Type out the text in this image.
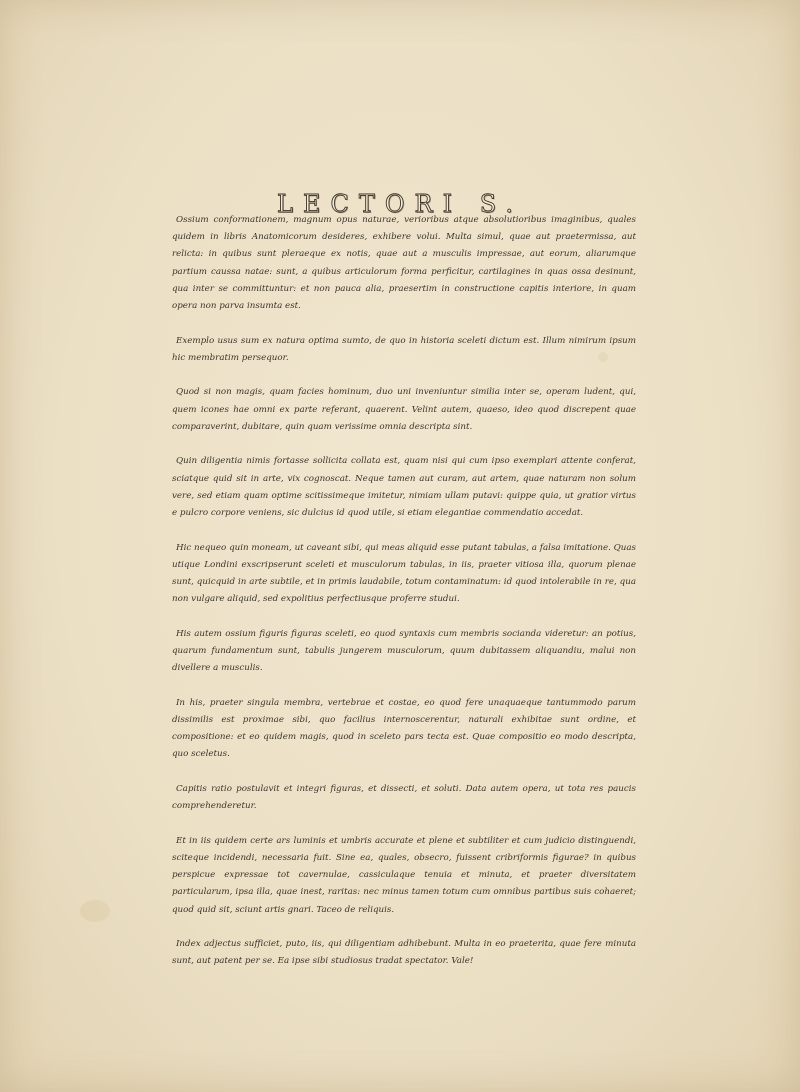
LECTORI S.

Ossium conformationem, magnum opus naturae, verioribus atque absolutioribus imaginibus, quales quidem in libris Anatomicorum desideres, exhibere volui. Multa simul, quae aut praetermissa, aut relicta: in quibus sunt pleraeque ex notis, quae aut a musculis impressae, aut eorum, aliarumque partium caussa natae: sunt, a quibus articulorum forma perficitur, cartilagines in quas ossa desinunt, qua inter se committuntur: et non pauca alia, praesertim in constructione capitis interiore, in quam opera non parva insumta est.

Exemplo usus sum ex natura optima sumto, de quo in historia sceleti dictum est. Illum nimirum ipsum hic membratim persequor.

Quod si non magis, quam facies hominum, duo uni inveniuntur similia inter se, operam ludent, qui, quem icones hae omni ex parte referant, quaerent. Velint autem, quaeso, ideo quod discrepent quae comparaverint, dubitare, quin quam verissime omnia descripta sint.

Quin diligentia nimis fortasse sollicita collata est, quam nisi qui cum ipso exemplari attente conferat, sciatque quid sit in arte, vix cognoscat. Neque tamen aut curam, aut artem, quae naturam non solum vere, sed etiam quam optime scitissimeque imitetur, nimiam ullam putavi: quippe quia, ut gratior virtus e pulcro corpore veniens, sic dulcius id quod utile, si etiam elegantiae commendatio accedat.

Hic nequeo quin moneam, ut caveant sibi, qui meas aliquid esse putant tabulas, a falsa imitatione. Quas utique Londini exscripserunt sceleti et musculorum tabulas, in iis, praeter vitiosa illa, quorum plenae sunt, quicquid in arte subtile, et in primis laudabile, totum contaminatum: id quod intolerabile in re, qua non vulgare aliquid, sed expolitius perfectiusque proferre studui.

His autem ossium figuris figuras sceleti, eo quod syntaxis cum membris socianda videretur: an potius, quarum fundamentum sunt, tabulis jungerem musculorum, quum dubitassem aliquandiu, malui non divellere a musculis.

In his, praeter singula membra, vertebrae et costae, eo quod fere unaquaeque tantummodo parum dissimilis est proximae sibi, quo facilius internoscerentur, naturali exhibitae sunt ordine, et compositione: et eo quidem magis, quod in sceleto pars tecta est. Quae compositio eo modo descripta, quo sceletus.

Capitis ratio postulavit et integri figuras, et dissecti, et soluti. Data autem opera, ut tota res paucis comprehenderetur.

Et in iis quidem certe ars luminis et umbris accurate et plene et subtiliter et cum judicio distinguendi, sciteque incidendi, necessaria fuit. Sine ea, quales, obsecro, fuissent cribriformis figurae? in quibus perspicue expressae tot cavernulae, cassiculaque tenuia et minuta, et praeter diversitatem particularum, ipsa illa, quae inest, raritas: nec minus tamen totum cum omnibus partibus suis cohaeret; quod quid sit, sciunt artis gnari. Taceo de reliquis.

Index adjectus sufficiet, puto, iis, qui diligentiam adhibebunt. Multa in eo praeterita, quae fere minuta sunt, aut patent per se. Ea ipse sibi studiosus tradat spectator. Vale!
